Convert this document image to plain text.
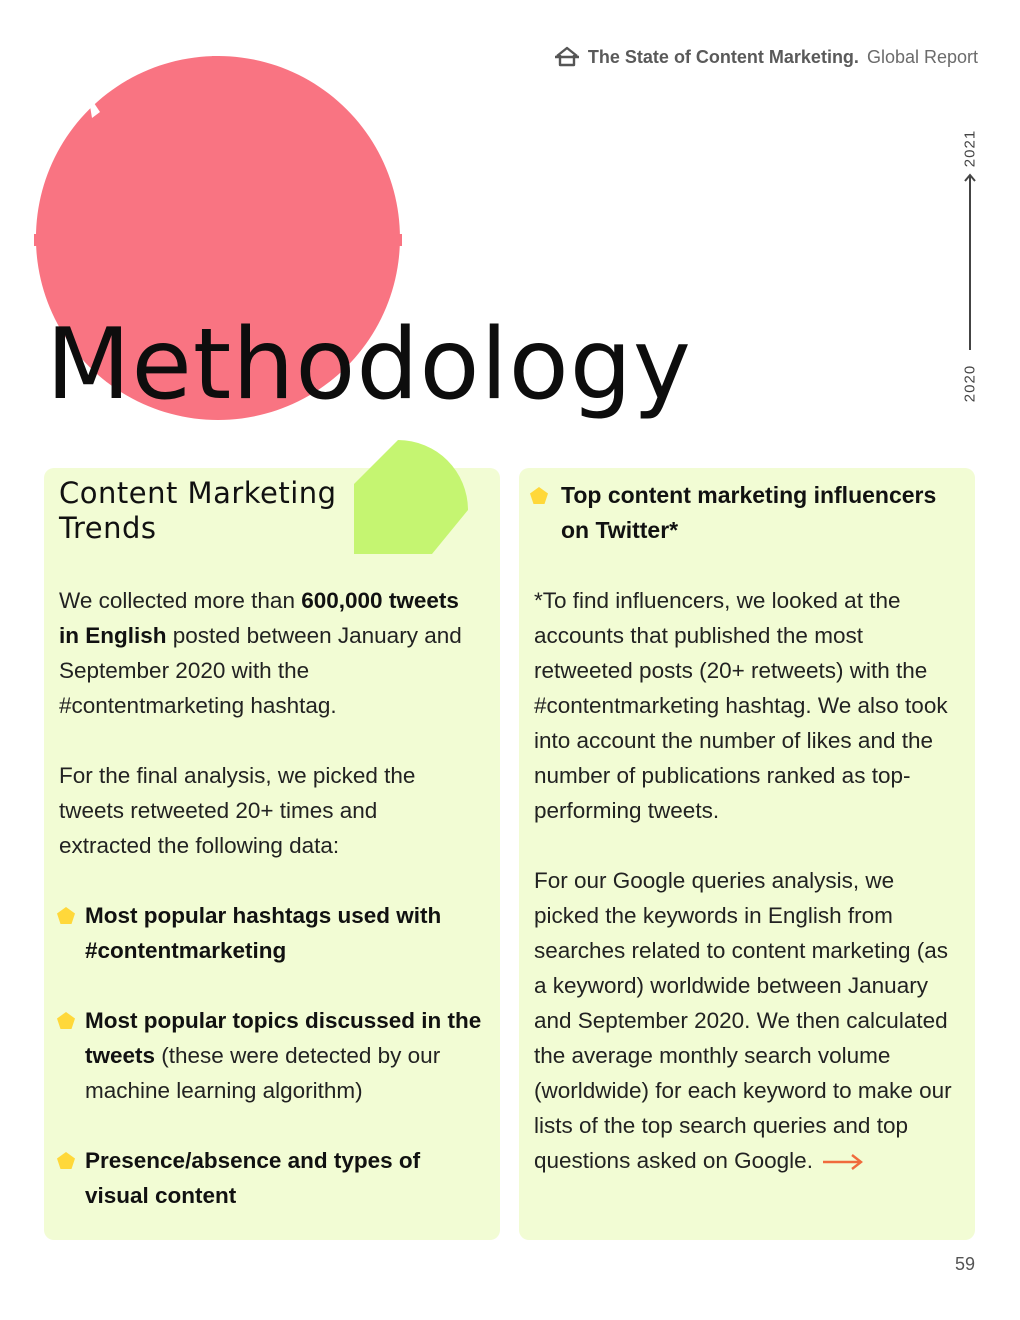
The State of Content Marketing. Global Report
Methodology
2021
2020
Content Marketing
Trends

We collected more than 600,000 tweets in English posted between January and September 2020 with the #contentmarketing hashtag.

For the final analysis, we picked the tweets retweeted 20+ times and extracted the following data:

Most popular hashtags used with #contentmarketing
Most popular topics discussed in the tweets (these were detected by our machine learning algorithm)
Presence/absence and types of visual content
Top content marketing influencers on Twitter*

*To find influencers, we looked at the accounts that published the most retweeted posts (20+ retweets) with the #contentmarketing hashtag. We also took into account the number of likes and the number of publications ranked as top-performing tweets.

For our Google queries analysis, we picked the keywords in English from searches related to content marketing (as a keyword) worldwide between January and September 2020. We then calculated the average monthly search volume (worldwide) for each keyword to make our lists of the top search queries and top questions asked on Google.

59
